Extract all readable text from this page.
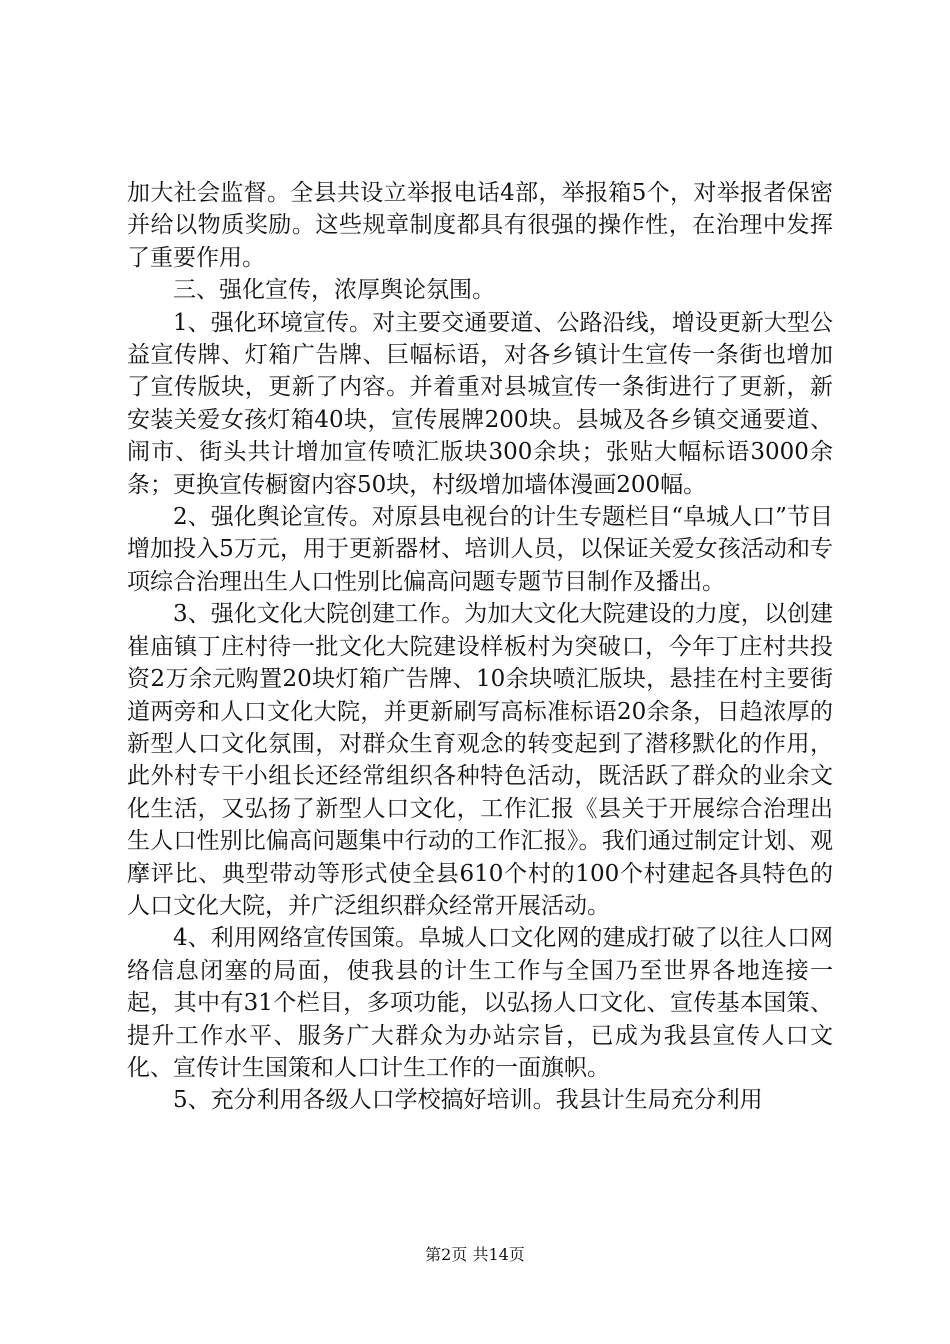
加大社会监督。全县共设立举报电话4部，举报箱5个，对举报者保密并给以物质奖励。这些规章制度都具有很强的操作性，在治理中发挥了重要作用。

三、强化宣传，浓厚舆论氛围。

1、强化环境宣传。对主要交通要道、公路沿线，增设更新大型公益宣传牌、灯箱广告牌、巨幅标语，对各乡镇计生宣传一条街也增加了宣传版块，更新了内容。并着重对县城宣传一条街进行了更新，新安装关爱女孩灯箱40块，宣传展牌200块。县城及各乡镇交通要道、闹市、街头共计增加宣传喷汇版块300余块；张贴大幅标语3000余条；更换宣传橱窗内容50块，村级增加墙体漫画200幅。

2、强化舆论宣传。对原县电视台的计生专题栏目“阜城人口”节目增加投入5万元，用于更新器材、培训人员，以保证关爱女孩活动和专项综合治理出生人口性别比偏高问题专题节目制作及播出。

3、强化文化大院创建工作。为加大文化大院建设的力度，以创建崔庙镇丁庄村待一批文化大院建设样板村为突破口，今年丁庄村共投资2万余元购置20块灯箱广告牌、10余块喷汇版块，悬挂在村主要街道两旁和人口文化大院，并更新刷写高标准标语20余条，日趋浓厚的新型人口文化氛围，对群众生育观念的转变起到了潜移默化的作用，此外村专干小组长还经常组织各种特色活动，既活跃了群众的业余文化生活，又弘扬了新型人口文化，工作汇报《县关于开展综合治理出生人口性别比偏高问题集中行动的工作汇报》。我们通过制定计划、观摩评比、典型带动等形式使全县610个村的100个村建起各具特色的人口文化大院，并广泛组织群众经常开展活动。

4、利用网络宣传国策。阜城人口文化网的建成打破了以往人口网络信息闭塞的局面，使我县的计生工作与全国乃至世界各地连接一起，其中有31个栏目，多项功能，以弘扬人口文化、宣传基本国策、提升工作水平、服务广大群众为办站宗旨，已成为我县宣传人口文化、宣传计生国策和人口计生工作的一面旗帜。

5、充分利用各级人口学校搞好培训。我县计生局充分利用

第2页 共14页
